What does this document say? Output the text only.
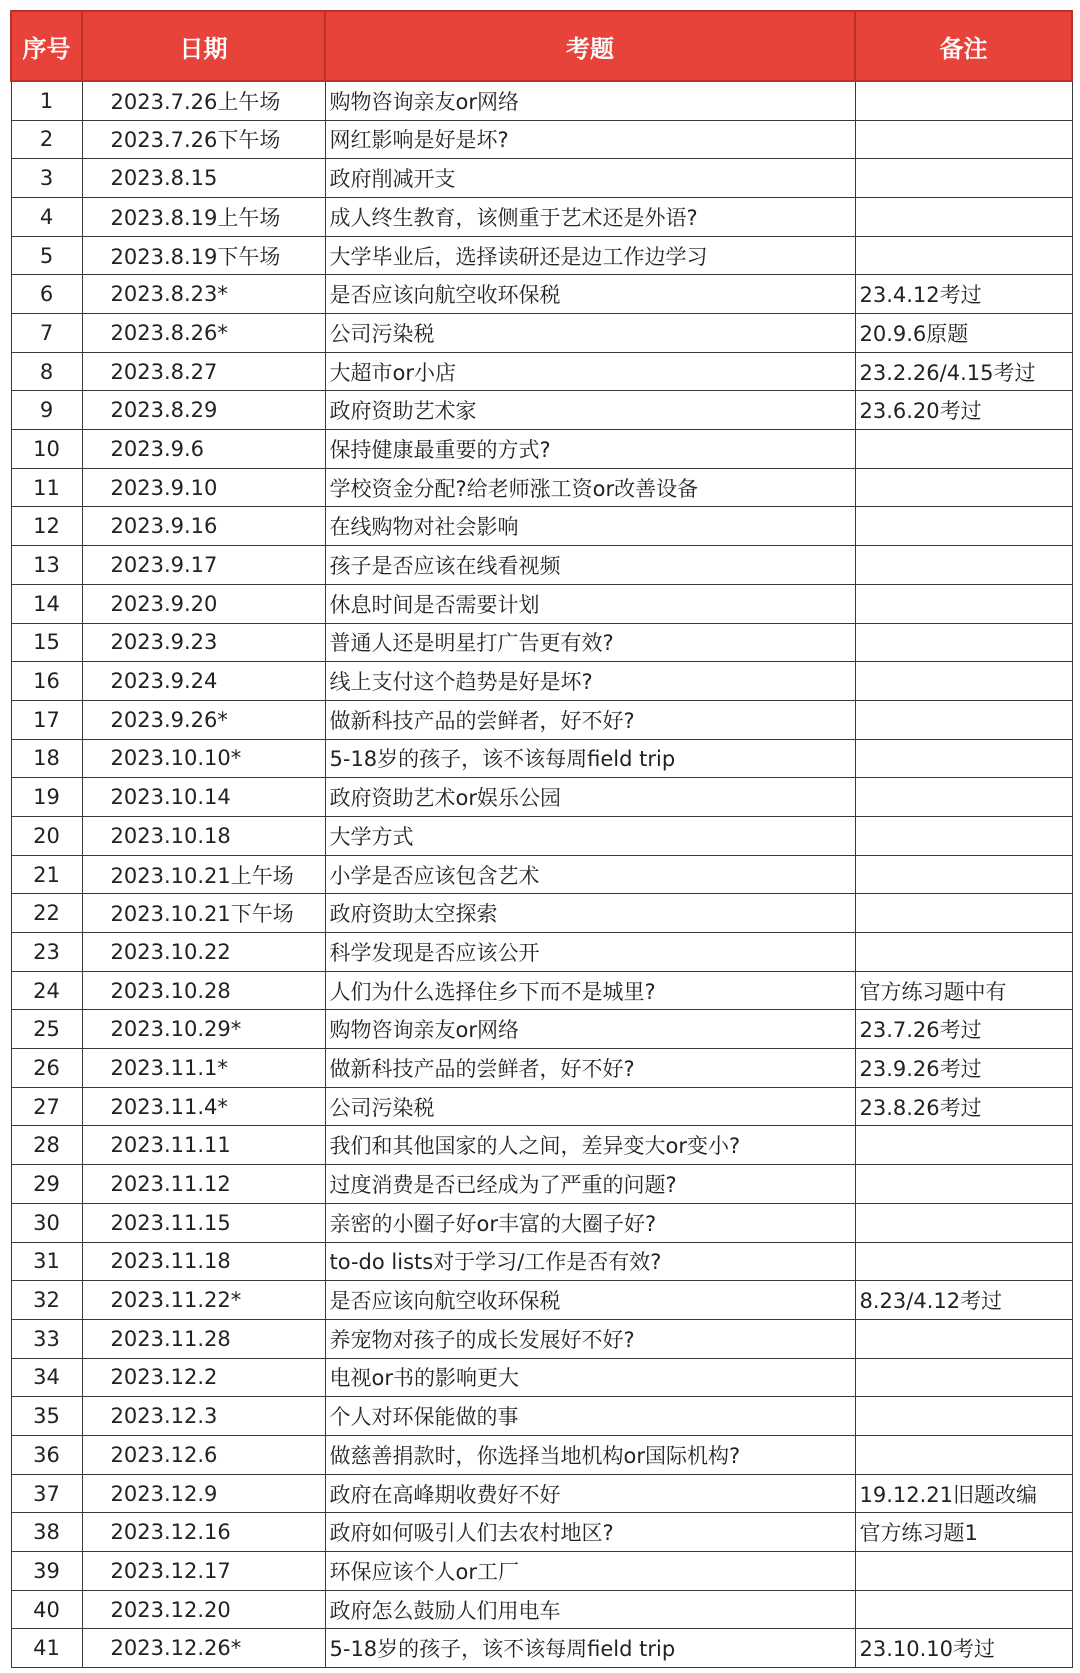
序号	日期	考题	备注
1	2023.7.26上午场	购物咨询亲友or网络	
2	2023.7.26下午场	网红影响是好是坏?	
3	2023.8.15	政府削减开支	
4	2023.8.19上午场	成人终生教育，该侧重于艺术还是外语?	
5	2023.8.19下午场	大学毕业后，选择读研还是边工作边学习	
6	2023.8.23*	是否应该向航空收环保税	23.4.12考过
7	2023.8.26*	公司污染税	20.9.6原题
8	2023.8.27	大超市or小店	23.2.26/4.15考过
9	2023.8.29	政府资助艺术家	23.6.20考过
10	2023.9.6	保持健康最重要的方式?	
11	2023.9.10	学校资金分配?给老师涨工资or改善设备	
12	2023.9.16	在线购物对社会影响	
13	2023.9.17	孩子是否应该在线看视频	
14	2023.9.20	休息时间是否需要计划	
15	2023.9.23	普通人还是明星打广告更有效?	
16	2023.9.24	线上支付这个趋势是好是坏?	
17	2023.9.26*	做新科技产品的尝鲜者，好不好?	
18	2023.10.10*	5-18岁的孩子，该不该每周field trip	
19	2023.10.14	政府资助艺术or娱乐公园	
20	2023.10.18	大学方式	
21	2023.10.21上午场	小学是否应该包含艺术	
22	2023.10.21下午场	政府资助太空探索	
23	2023.10.22	科学发现是否应该公开	
24	2023.10.28	人们为什么选择住乡下而不是城里?	官方练习题中有
25	2023.10.29*	购物咨询亲友or网络	23.7.26考过
26	2023.11.1*	做新科技产品的尝鲜者，好不好?	23.9.26考过
27	2023.11.4*	公司污染税	23.8.26考过
28	2023.11.11	我们和其他国家的人之间，差异变大or变小?	
29	2023.11.12	过度消费是否已经成为了严重的问题?	
30	2023.11.15	亲密的小圈子好or丰富的大圈子好?	
31	2023.11.18	to-do lists对于学习/工作是否有效?	
32	2023.11.22*	是否应该向航空收环保税	8.23/4.12考过
33	2023.11.28	养宠物对孩子的成长发展好不好?	
34	2023.12.2	电视or书的影响更大	
35	2023.12.3	个人对环保能做的事	
36	2023.12.6	做慈善捐款时，你选择当地机构or国际机构?	
37	2023.12.9	政府在高峰期收费好不好	19.12.21旧题改编
38	2023.12.16	政府如何吸引人们去农村地区?	官方练习题1
39	2023.12.17	环保应该个人or工厂	
40	2023.12.20	政府怎么鼓励人们用电车	
41	2023.12.26*	5-18岁的孩子，该不该每周field trip	23.10.10考过
